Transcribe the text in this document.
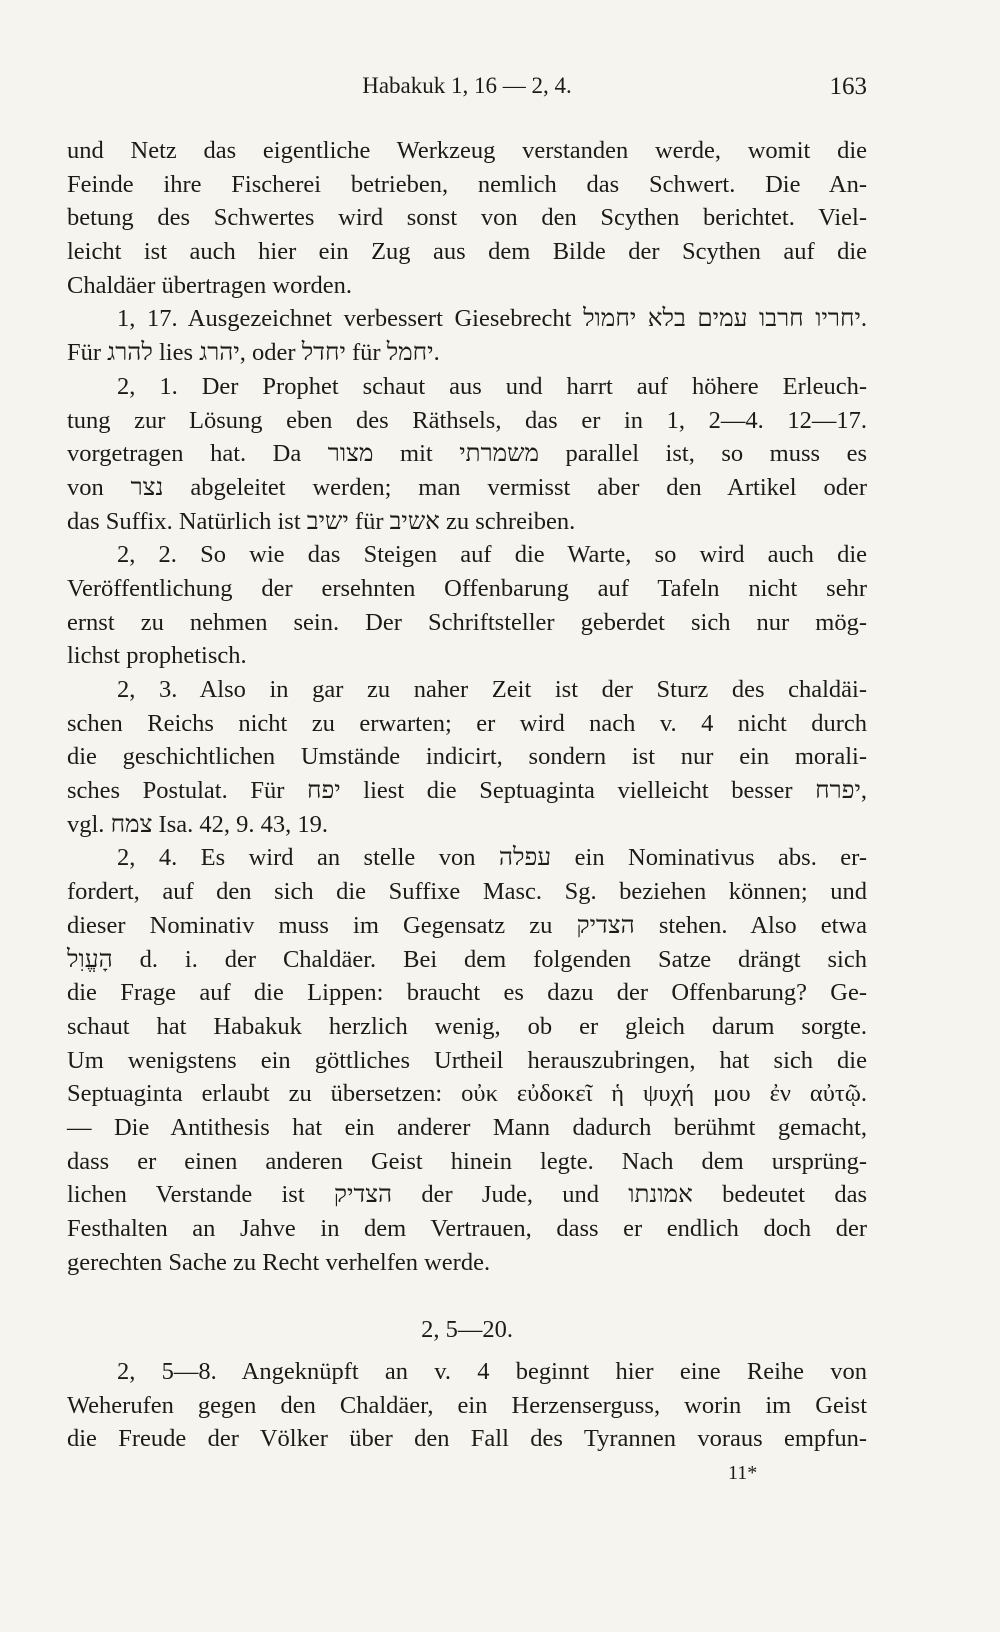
Habakuk 1, 16 — 2, 4.	163
und Netz das eigentliche Werkzeug verstanden werde, womit die
Feinde ihre Fischerei betrieben, nemlich das Schwert. Die An-
betung des Schwertes wird sonst von den Scythen berichtet. Viel-
leicht ist auch hier ein Zug aus dem Bilde der Scythen auf die
Chaldäer übertragen worden.
1, 17. Ausgezeichnet verbessert Giesebrecht יחריו חרבו עמים בלא יחמול.
Für להרג lies יהרג, oder יחדל für יחמל.
2, 1. Der Prophet schaut aus und harrt auf höhere Erleuch-
tung zur Lösung eben des Räthsels, das er in 1, 2—4. 12—17.
vorgetragen hat. Da מצור mit משמרתי parallel ist, so muss es
von נצר abgeleitet werden; man vermisst aber den Artikel oder
das Suffix. Natürlich ist ישיב für אשיב zu schreiben.
2, 2. So wie das Steigen auf die Warte, so wird auch die
Veröffentlichung der ersehnten Offenbarung auf Tafeln nicht sehr
ernst zu nehmen sein. Der Schriftsteller geberdet sich nur mög-
lichst prophetisch.
2, 3. Also in gar zu naher Zeit ist der Sturz des chaldäi-
schen Reichs nicht zu erwarten; er wird nach v. 4 nicht durch
die geschichtlichen Umstände indicirt, sondern ist nur ein morali-
sches Postulat. Für יפח liest die Septuaginta vielleicht besser יפרח,
vgl. צמח Isa. 42, 9. 43, 19.
2, 4. Es wird an stelle von עפלה ein Nominativus abs. er-
fordert, auf den sich die Suffixe Masc. Sg. beziehen können; und
dieser Nominativ muss im Gegensatz zu הצדיק stehen. Also etwa
הָעֱוִל d. i. der Chaldäer. Bei dem folgenden Satze drängt sich
die Frage auf die Lippen: braucht es dazu der Offenbarung? Ge-
schaut hat Habakuk herzlich wenig, ob er gleich darum sorgte.
Um wenigstens ein göttliches Urtheil herauszubringen, hat sich die
Septuaginta erlaubt zu übersetzen: οὐκ εὐδοκεῖ ἡ ψυχή μου ἐν αὐτῷ.
— Die Antithesis hat ein anderer Mann dadurch berühmt gemacht,
dass er einen anderen Geist hinein legte. Nach dem ursprüng-
lichen Verstande ist הצדיק der Jude, und אמונתו bedeutet das
Festhalten an Jahve in dem Vertrauen, dass er endlich doch der
gerechten Sache zu Recht verhelfen werde.
2, 5—20.
2, 5—8. Angeknüpft an v. 4 beginnt hier eine Reihe von
Weherufen gegen den Chaldäer, ein Herzenserguss, worin im Geist
die Freude der Völker über den Fall des Tyrannen voraus empfun-
11*
